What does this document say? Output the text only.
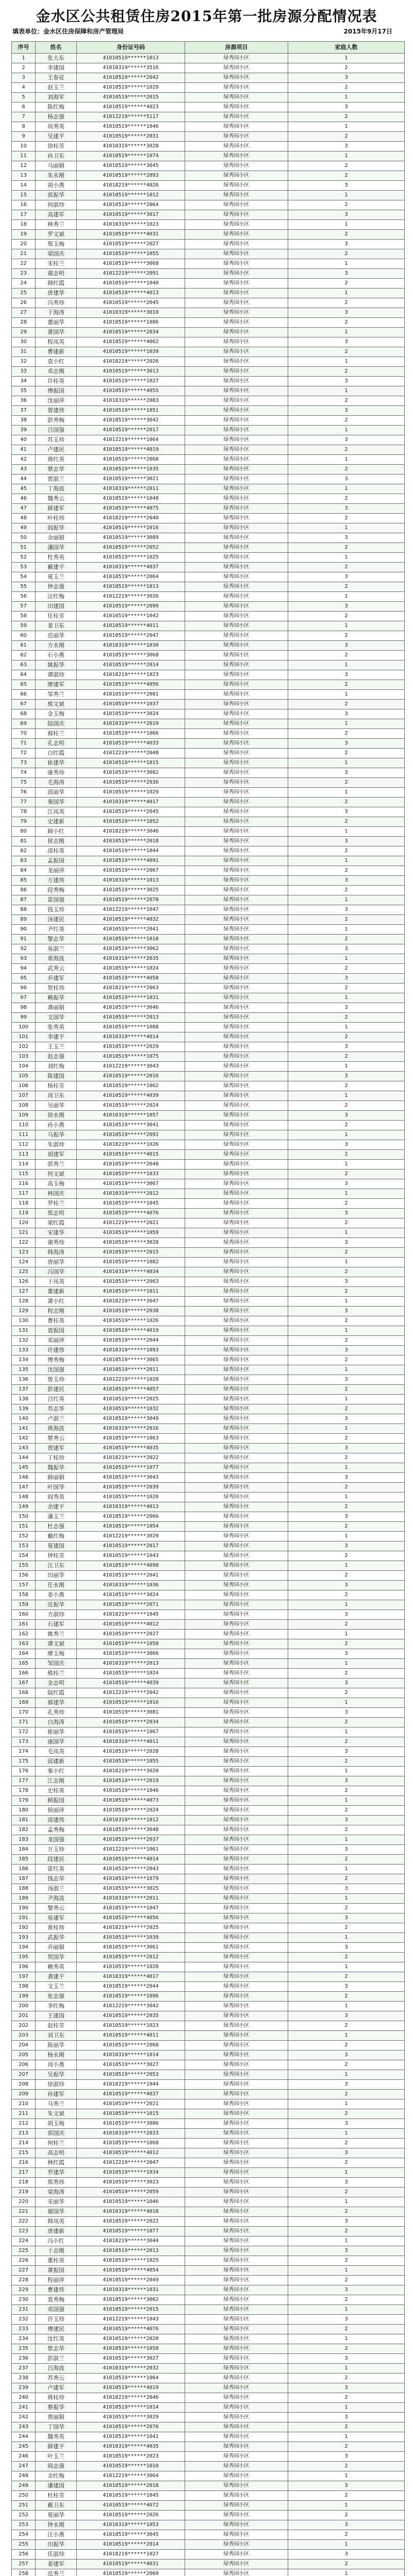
金水区公共租赁住房2015年第一批房源分配情况表
填表单位：金水区住房保障和房产管理局	2015年9月17日
序号	姓名	身份证号码	房源项目	家庭人数
1	张大东	41010519******1013	绿秀园小区	1
2	李建国	41010319******3516	绿秀园小区	2
3	王春花	41010519******2042	绿秀园小区	3
4	赵玉兰	41010519******1029	绿秀园小区	2
5	刘海军	41010519******2015	绿秀园小区	1
6	陈红梅	41010519******4023	绿秀园小区	3
7	杨志强	41012219******5117	绿秀园小区	2
8	周秀英	41010519******1046	绿秀园小区	1
9	吴建平	41010519******2031	绿秀园小区	2
10	徐桂芳	41010319******3028	绿秀园小区	3
11	孙卫东	41010519******1074	绿秀园小区	1
12	马丽娟	41010519******3045	绿秀园小区	2
13	朱永刚	41010519******2093	绿秀园小区	2
14	胡小燕	41018219******4026	绿秀园小区	3
15	郭振华	41010519******1012	绿秀园小区	1
16	何淑珍	41010519******2064	绿秀园小区	2
17	高建军	41010519******3017	绿秀园小区	3
18	林秀兰	41010319******1023	绿秀园小区	1
19	罗文斌	41010519******4031	绿秀园小区	2
20	郑玉梅	41010519******2027	绿秀园小区	3
21	梁国庆	41010519******1055	绿秀园小区	2
22	宋桂兰	41010519******3068	绿秀园小区	1
23	谢志明	41012219******2091	绿秀园小区	3
24	韩红霞	41010519******1040	绿秀园小区	2
25	唐建华	41010519******4013	绿秀园小区	1
26	冯秀珍	41010519******2045	绿秀园小区	2
27	于海涛	41010319******3010	绿秀园小区	3
28	董丽华	41010519******1086	绿秀园小区	2
29	萧国华	41010519******2034	绿秀园小区	1
30	程凤英	41010519******4062	绿秀园小区	3
31	曹建新	41010519******1039	绿秀园小区	2
32	袁小红	41018219******2026	绿秀园小区	1
33	邓志刚	41010519******3013	绿秀园小区	2
34	许桂英	41010519******1027	绿秀园小区	3
35	傅振国	41010519******4055	绿秀园小区	1
36	沈丽萍	41010319******2083	绿秀园小区	2
37	曾建伟	41010519******1051	绿秀园小区	3
38	彭秀梅	41010519******3042	绿秀园小区	2
39	吕国强	41010519******2017	绿秀园小区	1
40	苏玉珍	41012219******1064	绿秀园小区	3
41	卢建民	41010519******4019	绿秀园小区	2
42	蒋红英	41010519******2068	绿秀园小区	1
43	蔡志华	41010519******1035	绿秀园小区	2
44	贾淑兰	41010519******3021	绿秀园小区	3
45	丁海波	41010319******2011	绿秀园小区	1
46	魏秀云	41010519******1048	绿秀园小区	2
47	薛建军	41010519******4075	绿秀园小区	3
48	叶桂珍	41018219******2040	绿秀园小区	2
49	阎振华	41010519******1016	绿秀园小区	1
50	余丽娟	41010519******3089	绿秀园小区	3
51	潘国华	41010519******2052	绿秀园小区	2
52	杜秀英	41010519******1025	绿秀园小区	1
53	戴建平	41010319******4037	绿秀园小区	2
54	夏玉兰	41010519******2064	绿秀园小区	3
55	钟志强	41010519******1013	绿秀园小区	2
56	汪红梅	41012219******3026	绿秀园小区	1
57	田建国	41010519******2099	绿秀园小区	3
58	任桂芳	41010519******1042	绿秀园小区	2
59	姜卫东	41010519******4011	绿秀园小区	1
60	范丽华	41010519******2047	绿秀园小区	2
61	方永刚	41010319******1030	绿秀园小区	3
62	石小燕	41010519******3068	绿秀园小区	2
63	姚振华	41010519******2014	绿秀园小区	1
64	谭淑珍	41018219******1023	绿秀园小区	3
65	廖建军	41010519******4056	绿秀园小区	2
66	邹秀兰	41010519******2081	绿秀园小区	1
67	熊文斌	41010519******1037	绿秀园小区	2
68	金玉梅	41010519******3024	绿秀园小区	3
69	陆国庆	41010319******2019	绿秀园小区	1
70	郝桂兰	41010519******1066	绿秀园小区	2
71	孔志明	41010519******4033	绿秀园小区	3
72	白红霞	41012219******2048	绿秀园小区	2
73	崔建华	41010519******1015	绿秀园小区	1
74	康秀珍	41010519******3082	绿秀园小区	3
75	毛海涛	41010519******2036	绿秀园小区	2
76	邱丽华	41010519******1029	绿秀园小区	1
77	秦国华	41010319******4017	绿秀园小区	2
78	江凤英	41010519******2045	绿秀园小区	3
79	史建新	41010519******1052	绿秀园小区	2
80	顾小红	41018219******3046	绿秀园小区	1
81	侯志刚	41010519******2018	绿秀园小区	3
82	邵桂英	41010519******1044	绿秀园小区	2
83	孟振国	41010519******4091	绿秀园小区	1
84	龙丽萍	41010519******2067	绿秀园小区	2
85	万建伟	41010319******1013	绿秀园小区	3
86	段秀梅	41010519******3025	绿秀园小区	2
87	雷国强	41010519******2078	绿秀园小区	1
88	钱玉珍	41012219******1047	绿秀园小区	3
89	汤建民	41010519******4032	绿秀园小区	2
90	尹红英	41010519******2041	绿秀园小区	1
91	黎志华	41010519******1018	绿秀园小区	2
92	易淑兰	41010519******3062	绿秀园小区	3
93	常海波	41010319******2035	绿秀园小区	1
94	武秀云	41010519******1024	绿秀园小区	2
95	乔建军	41010519******4058	绿秀园小区	3
96	贺桂珍	41018219******2063	绿秀园小区	2
97	赖振华	41010519******1031	绿秀园小区	1
98	龚丽娟	41010519******3046	绿秀园小区	3
99	文国华	41010519******2013	绿秀园小区	2
100	张秀英	41010519******1088	绿秀园小区	1
101	李建平	41010319******4014	绿秀园小区	2
102	王玉兰	41010519******2029	绿秀园小区	3
103	赵志强	41010519******1075	绿秀园小区	2
104	刘红梅	41012219******3043	绿秀园小区	1
105	陈建国	41010519******2016	绿秀园小区	3
106	杨桂芳	41010519******1062	绿秀园小区	2
107	周卫东	41010519******4039	绿秀园小区	1
108	吴丽华	41010519******2024	绿秀园小区	2
109	徐永刚	41010319******1057	绿秀园小区	3
110	孙小燕	41010519******3041	绿秀园小区	2
111	马振华	41010519******2092	绿秀园小区	1
112	朱淑珍	41018219******1026	绿秀园小区	3
113	胡建军	41010519******4015	绿秀园小区	2
114	郭秀兰	41010519******2048	绿秀园小区	1
115	何文斌	41010519******1033	绿秀园小区	2
116	高玉梅	41010519******3067	绿秀园小区	3
117	林国庆	41010319******2012	绿秀园小区	1
118	罗桂兰	41010519******1045	绿秀园小区	2
119	郑志明	41010519******4076	绿秀园小区	3
120	梁红霞	41012219******2021	绿秀园小区	2
121	宋建华	41010519******1059	绿秀园小区	1
122	谢秀珍	41010519******3028	绿秀园小区	3
123	韩海涛	41010519******2015	绿秀园小区	2
124	唐丽华	41010519******1082	绿秀园小区	1
125	冯国华	41010319******4034	绿秀园小区	2
126	于凤英	41010519******2063	绿秀园小区	3
127	董建新	41010519******1011	绿秀园小区	2
128	萧小红	41018219******3047	绿秀园小区	1
129	程志刚	41010519******2038	绿秀园小区	3
130	曹桂英	41010519******1026	绿秀园小区	2
131	袁振国	41010519******4019	绿秀园小区	1
132	邓丽萍	41010519******2044	绿秀园小区	2
133	许建伟	41010319******1093	绿秀园小区	3
134	傅秀梅	41010519******3065	绿秀园小区	2
135	沈国强	41010519******2011	绿秀园小区	1
136	曾玉珍	41012219******1028	绿秀园小区	3
137	彭建民	41010519******4057	绿秀园小区	2
138	吕红英	41010519******2025	绿秀园小区	1
139	苏志华	41010519******1032	绿秀园小区	2
140	卢淑兰	41010519******3049	绿秀园小区	3
141	蒋海波	41010319******2016	绿秀园小区	1
142	蔡秀云	41010519******1063	绿秀园小区	2
143	贾建军	41010519******4035	绿秀园小区	3
144	丁桂珍	41018219******2022	绿秀园小区	2
145	魏振华	41010519******1077	绿秀园小区	1
146	薛丽娟	41010519******3043	绿秀园小区	3
147	叶国华	41010519******2039	绿秀园小区	2
148	阎秀英	41010519******1020	绿秀园小区	1
149	余建平	41010319******4013	绿秀园小区	2
150	潘玉兰	41010519******2066	绿秀园小区	3
151	杜志强	41010519******1054	绿秀园小区	2
152	戴红梅	41012219******3029	绿秀园小区	1
153	夏建国	41010519******2017	绿秀园小区	3
154	钟桂芳	41010519******1043	绿秀园小区	2
155	汪卫东	41010519******4098	绿秀园小区	1
156	田丽华	41010519******2041	绿秀园小区	2
157	任永刚	41010319******1036	绿秀园小区	3
158	姜小燕	41010519******3024	绿秀园小区	2
159	范振华	41010519******2071	绿秀园小区	1
160	方淑珍	41018219******1045	绿秀园小区	3
161	石建军	41010519******4012	绿秀园小区	2
162	姚秀兰	41010519******2027	绿秀园小区	1
163	谭文斌	41010519******1058	绿秀园小区	2
164	廖玉梅	41010519******3066	绿秀园小区	3
165	邹国庆	41010319******2013	绿秀园小区	1
166	熊桂兰	41010519******1024	绿秀园小区	2
167	金志明	41010519******4039	绿秀园小区	3
168	陆红霞	41012219******2042	绿秀园小区	2
169	郝建华	41010519******1016	绿秀园小区	1
170	孔秀珍	41010519******3081	绿秀园小区	3
171	白海涛	41010519******2034	绿秀园小区	2
172	崔丽华	41010519******1067	绿秀园小区	1
173	康国华	41010319******4011	绿秀园小区	2
174	毛凤英	41010519******2028	绿秀园小区	3
175	邱建新	41010519******1055	绿秀园小区	2
176	秦小红	41018219******3020	绿秀园小区	1
177	江志刚	41010519******2019	绿秀园小区	3
178	史桂英	41010519******1046	绿秀园小区	2
179	顾振国	41010519******4073	绿秀园小区	1
180	侯丽萍	41010519******2024	绿秀园小区	2
181	邵建伟	41010319******1012	绿秀园小区	3
182	孟秀梅	41010519******3048	绿秀园小区	2
183	龙国强	41010519******2037	绿秀园小区	1
184	万玉珍	41012219******1061	绿秀园小区	3
185	段建民	41010519******4014	绿秀园小区	2
186	雷红英	41010519******2043	绿秀园小区	1
187	钱志华	41010519******1079	绿秀园小区	2
188	汤淑兰	41010519******3025	绿秀园小区	3
189	尹海波	41010319******2011	绿秀园小区	1
190	黎秀云	41010519******1047	绿秀园小区	2
191	易建军	41010519******4056	绿秀园小区	3
192	常桂珍	41018219******2025	绿秀园小区	2
193	武振华	41010519******1039	绿秀园小区	1
194	乔丽娟	41010519******3061	绿秀园小区	3
195	贺国华	41010519******2012	绿秀园小区	2
196	赖秀英	41010519******1028	绿秀园小区	1
197	龚建平	41010319******4017	绿秀园小区	2
198	文玉兰	41010519******2044	绿秀园小区	3
199	张志强	41010519******1096	绿秀园小区	2
200	李红梅	41012219******3042	绿秀园小区	1
201	王建国	41010519******2035	绿秀园小区	3
202	赵桂芳	41010519******1023	绿秀园小区	2
203	刘卫东	41010519******4011	绿秀园小区	1
204	陈丽华	41010519******2068	绿秀园小区	2
205	杨永刚	41010319******1014	绿秀园小区	3
206	周小燕	41010519******3027	绿秀园小区	2
207	吴振华	41010519******2053	绿秀园小区	1
208	徐淑珍	41018219******1044	绿秀园小区	3
209	孙建军	41010519******4037	绿秀园小区	2
210	马秀兰	41010519******2021	绿秀园小区	1
211	朱文斌	41010519******1015	绿秀园小区	2
212	胡玉梅	41010519******3086	绿秀园小区	3
213	郭国庆	41010319******2033	绿秀园小区	1
214	何桂兰	41010519******1068	绿秀园小区	2
215	高志明	41010519******4012	绿秀园小区	3
216	林红霞	41012219******2047	绿秀园小区	2
217	罗建华	41010519******1034	绿秀园小区	1
218	郑秀珍	41010519******3023	绿秀园小区	3
219	梁海涛	41010519******2059	绿秀园小区	2
220	宋丽华	41010519******1046	绿秀园小区	1
221	谢国华	41010319******4018	绿秀园小区	2
222	韩凤英	41010519******2022	绿秀园小区	3
223	唐建新	41010519******1077	绿秀园小区	2
224	冯小红	41018219******3044	绿秀园小区	1
225	于志刚	41010519******2013	绿秀园小区	3
226	董桂英	41010519******1025	绿秀园小区	2
227	萧振国	41010519******4054	绿秀园小区	1
228	程丽萍	41010519******2049	绿秀园小区	2
229	曹建伟	41010319******1031	绿秀园小区	3
230	袁秀梅	41010519******3062	绿秀园小区	2
231	邓国强	41010519******2015	绿秀园小区	1
232	许玉珍	41012219******1043	绿秀园小区	3
233	傅建民	41010519******4076	绿秀园小区	2
234	沈红英	41010519******2020	绿秀园小区	1
235	曾志华	41010519******1058	绿秀园小区	2
236	彭淑兰	41010519******3027	绿秀园小区	3
237	吕海波	41010319******2032	绿秀园小区	1
238	苏秀云	41010519******1064	绿秀园小区	2
239	卢建军	41010519******4019	绿秀园小区	3
240	蒋桂珍	41018219******2046	绿秀园小区	2
241	蔡振华	41010519******1014	绿秀园小区	1
242	贾丽娟	41010519******3029	绿秀园小区	3
243	丁国华	41010519******2076	绿秀园小区	2
244	魏秀英	41010519******1041	绿秀园小区	1
245	薛建平	41010319******4035	绿秀园小区	2
246	叶玉兰	41010519******2023	绿秀园小区	3
247	阎志强	41010519******1010	绿秀园小区	2
248	余红梅	41012219******3064	绿秀园小区	1
249	潘建国	41010519******2018	绿秀园小区	3
250	杜桂芳	41010519******1045	绿秀园小区	2
251	戴卫东	41010519******4072	绿秀园小区	1
252	夏丽华	41010519******2026	绿秀园小区	2
253	钟永刚	41010319******1053	绿秀园小区	3
254	汪小燕	41010519******3045	绿秀园小区	2
255	田振华	41010519******2014	绿秀园小区	1
256	任淑珍	41018219******1027	绿秀园小区	3
257	姜建军	41010519******4031	绿秀园小区	2
258	范秀兰	41010519******2069	绿秀园小区	1
